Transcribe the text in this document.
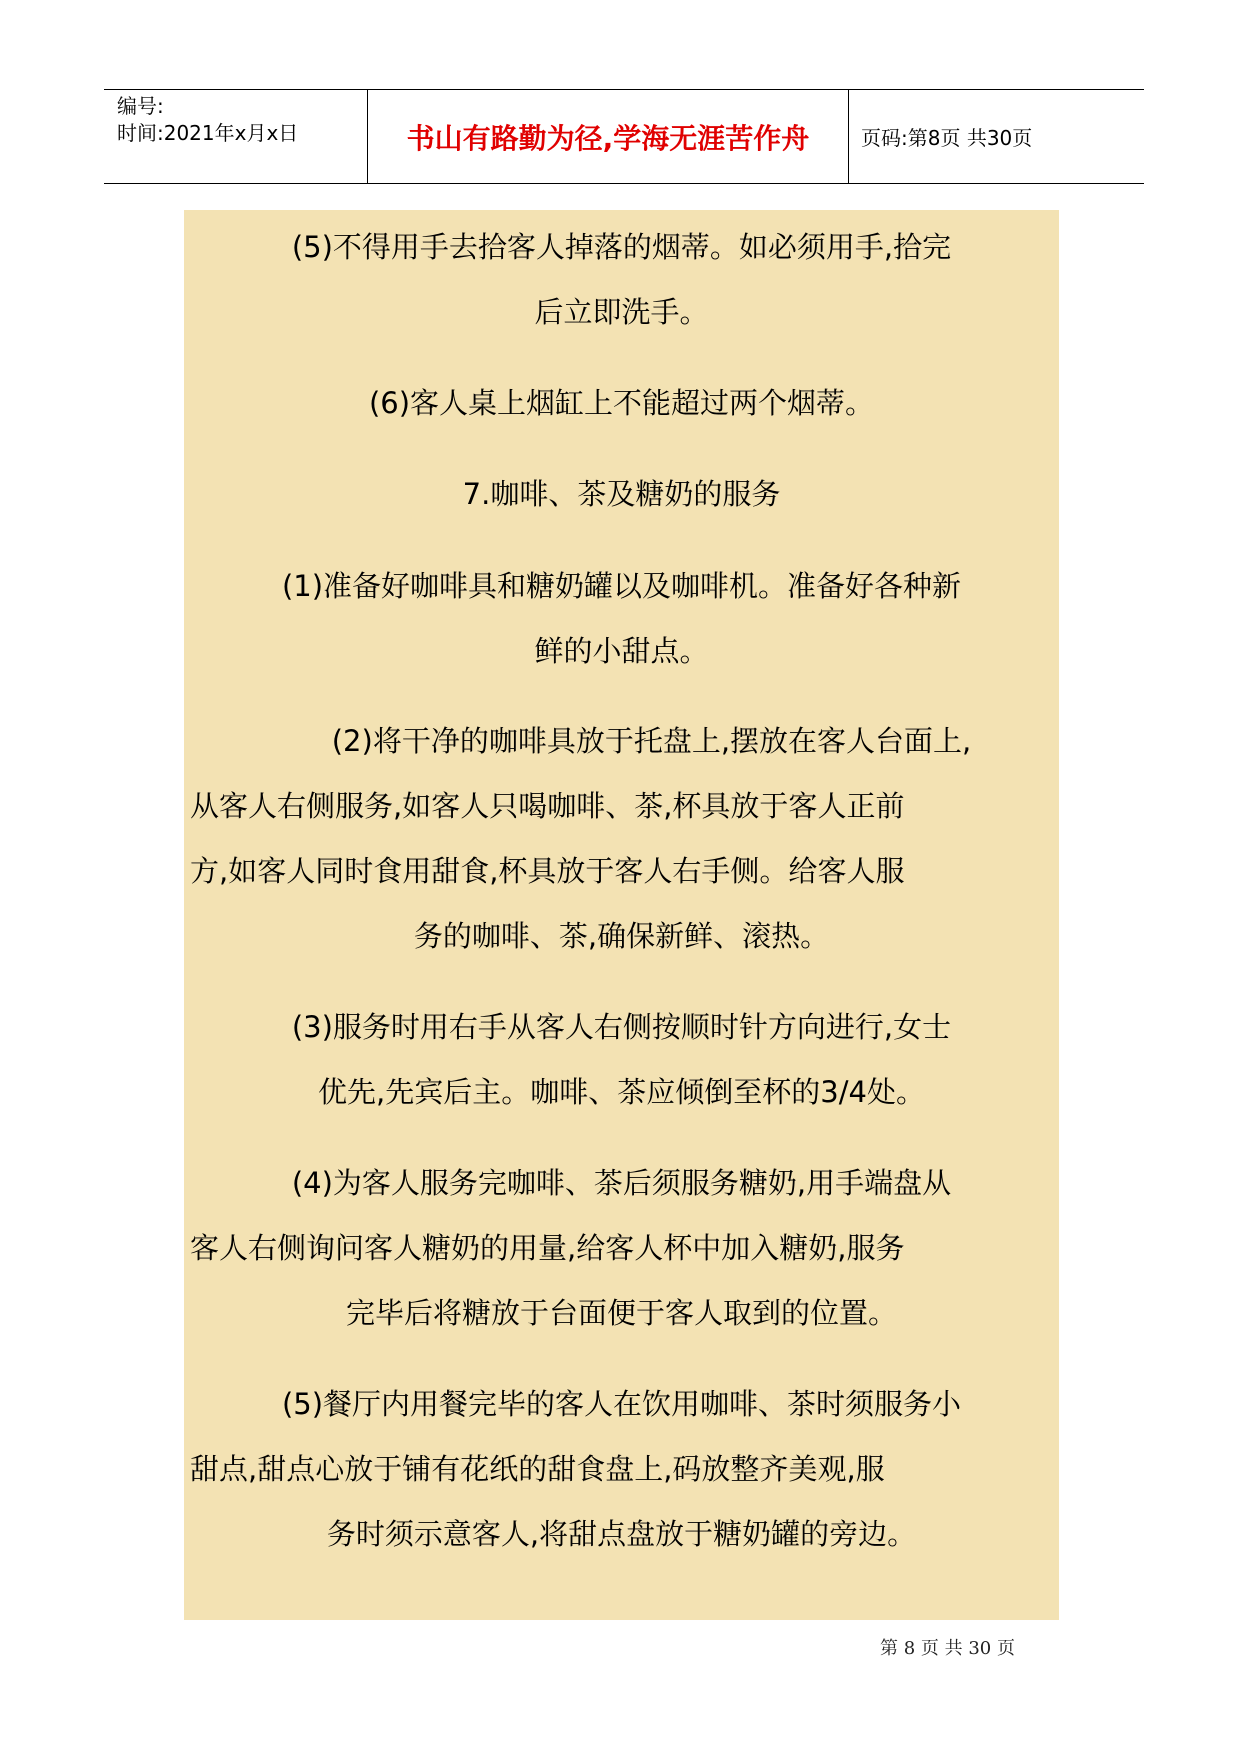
编号:
时间:2021年x月x日	书山有路勤为径,学海无涯苦作舟	页码:第8页 共30页
(5)不得用手去拾客人掉落的烟蒂。如必须用手,拾完
后立即洗手。
(6)客人桌上烟缸上不能超过两个烟蒂。
7.咖啡、茶及糖奶的服务
(1)准备好咖啡具和糖奶罐以及咖啡机。准备好各种新
鲜的小甜点。
(2)将干净的咖啡具放于托盘上,摆放在客人台面上,
从客人右侧服务,如客人只喝咖啡、茶,杯具放于客人正前
方,如客人同时食用甜食,杯具放于客人右手侧。给客人服
务的咖啡、茶,确保新鲜、滚热。
(3)服务时用右手从客人右侧按顺时针方向进行,女士
优先,先宾后主。咖啡、茶应倾倒至杯的3/4处。
(4)为客人服务完咖啡、茶后须服务糖奶,用手端盘从
客人右侧询问客人糖奶的用量,给客人杯中加入糖奶,服务
完毕后将糖放于台面便于客人取到的位置。
(5)餐厅内用餐完毕的客人在饮用咖啡、茶时须服务小
甜点,甜点心放于铺有花纸的甜食盘上,码放整齐美观,服
务时须示意客人,将甜点盘放于糖奶罐的旁边。
第 8 页 共 30 页
